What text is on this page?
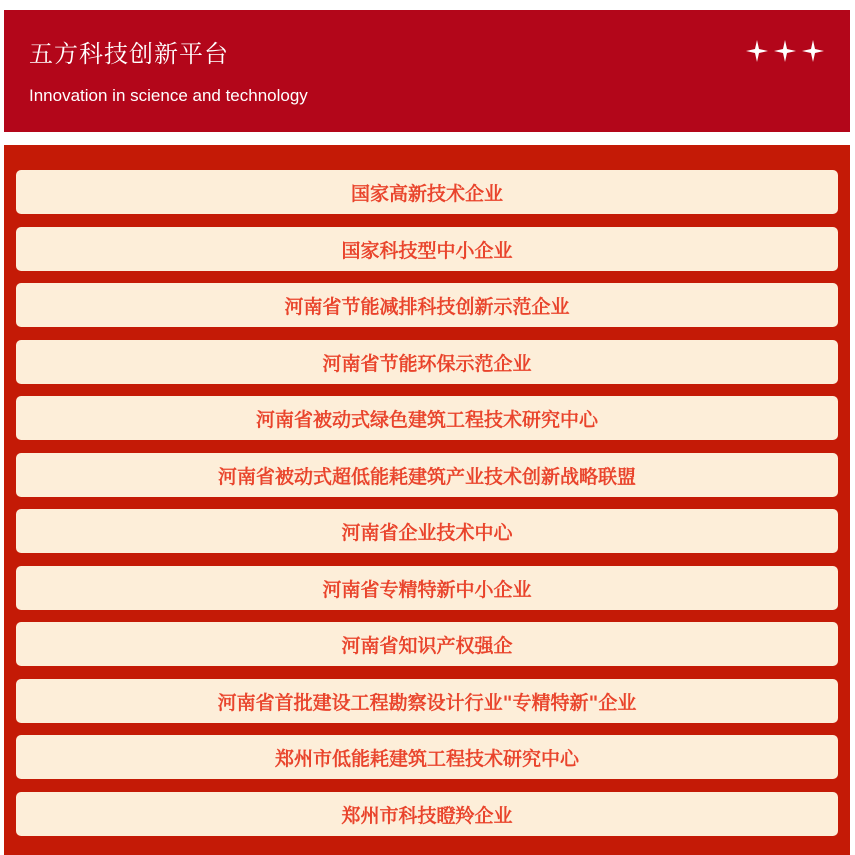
五方科技创新平台
Innovation in science and technology
国家高新技术企业
国家科技型中小企业
河南省节能减排科技创新示范企业
河南省节能环保示范企业
河南省被动式绿色建筑工程技术研究中心
河南省被动式超低能耗建筑产业技术创新战略联盟
河南省企业技术中心
河南省专精特新中小企业
河南省知识产权强企
河南省首批建设工程勘察设计行业"专精特新"企业
郑州市低能耗建筑工程技术研究中心
郑州市科技瞪羚企业
